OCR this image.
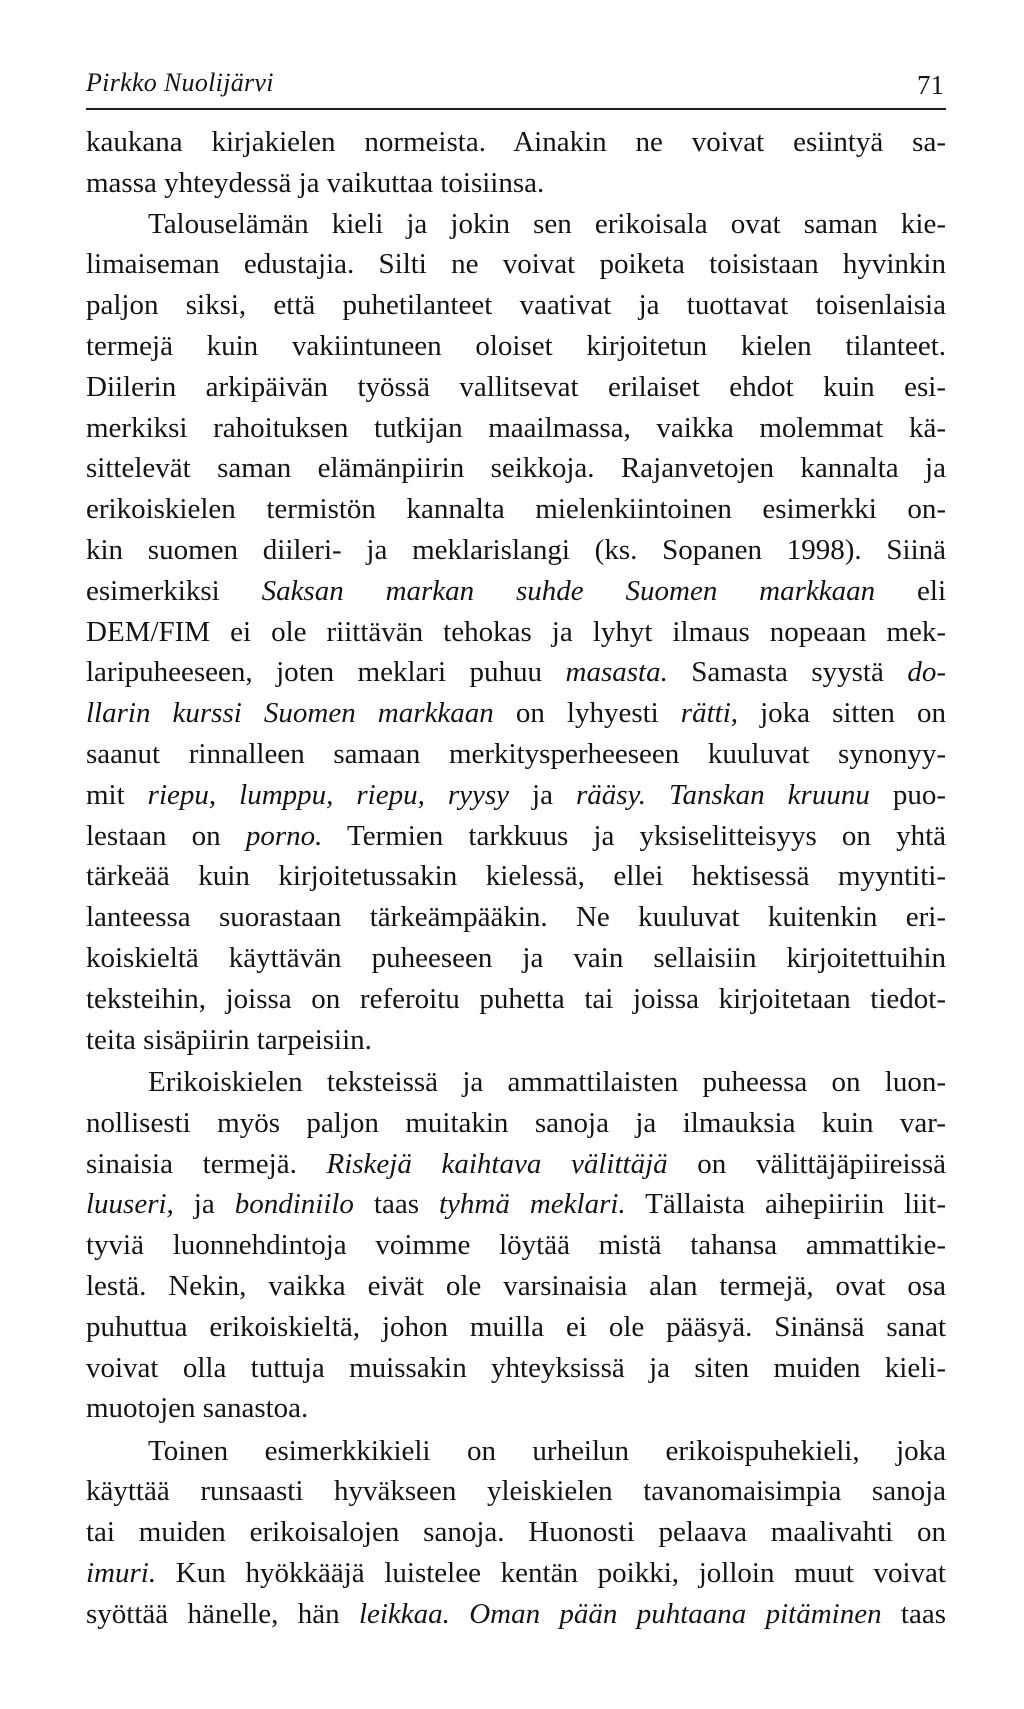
Pirkko Nuolijärvi	71
kaukana kirjakielen normeista. Ainakin ne voivat esiintyä sa-
massa yhteydessä ja vaikuttaa toisiinsa.
Talouselämän kieli ja jokin sen erikoisala ovat saman kie-
limaiseman edustajia. Silti ne voivat poiketa toisistaan hyvinkin
paljon siksi, että puhetilanteet vaativat ja tuottavat toisenlaisia
termejä kuin vakiintuneen oloiset kirjoitetun kielen tilanteet.
Diilerin arkipäivän työssä vallitsevat erilaiset ehdot kuin esi-
merkiksi rahoituksen tutkijan maailmassa, vaikka molemmat kä-
sittelevät saman elämänpiirin seikkoja. Rajanvetojen kannalta ja
erikoiskielen termistön kannalta mielenkiintoinen esimerkki on-
kin suomen diileri- ja meklarislangi (ks. Sopanen 1998). Siinä
esimerkiksi Saksan markan suhde Suomen markkaan eli
DEM/FIM ei ole riittävän tehokas ja lyhyt ilmaus nopeaan mek-
laripuheeseen, joten meklari puhuu masasta. Samasta syystä do-
llarin kurssi Suomen markkaan on lyhyesti rätti, joka sitten on
saanut rinnalleen samaan merkitysperheeseen kuuluvat synonyy-
mit riepu, lumppu, riepu, ryysy ja rääsy. Tanskan kruunu puo-
lestaan on porno. Termien tarkkuus ja yksiselitteisyys on yhtä
tärkeää kuin kirjoitetussakin kielessä, ellei hektisessä myyntiti-
lanteessa suorastaan tärkeämpääkin. Ne kuuluvat kuitenkin eri-
koiskieltä käyttävän puheeseen ja vain sellaisiin kirjoitettuihin
teksteihin, joissa on referoitu puhetta tai joissa kirjoitetaan tiedot-
teita sisäpiirin tarpeisiin.
Erikoiskielen teksteissä ja ammattilaisten puheessa on luon-
nollisesti myös paljon muitakin sanoja ja ilmauksia kuin var-
sinaisia termejä. Riskejä kaihtava välittäjä on välittäjäpiireissä
luuseri, ja bondiniilo taas tyhmä meklari. Tällaista aihepiiriin liit-
tyviä luonnehdintoja voimme löytää mistä tahansa ammattikie-
lestä. Nekin, vaikka eivät ole varsinaisia alan termejä, ovat osa
puhuttua erikoiskieltä, johon muilla ei ole pääsyä. Sinänsä sanat
voivat olla tuttuja muissakin yhteyksissä ja siten muiden kieli-
muotojen sanastoa.
Toinen esimerkkikieli on urheilun erikoispuhekieli, joka
käyttää runsaasti hyväkseen yleiskielen tavanomaisimpia sanoja
tai muiden erikoisalojen sanoja. Huonosti pelaava maalivahti on
imuri. Kun hyökkääjä luistelee kentän poikki, jolloin muut voivat
syöttää hänelle, hän leikkaa. Oman pään puhtaana pitäminen taas
